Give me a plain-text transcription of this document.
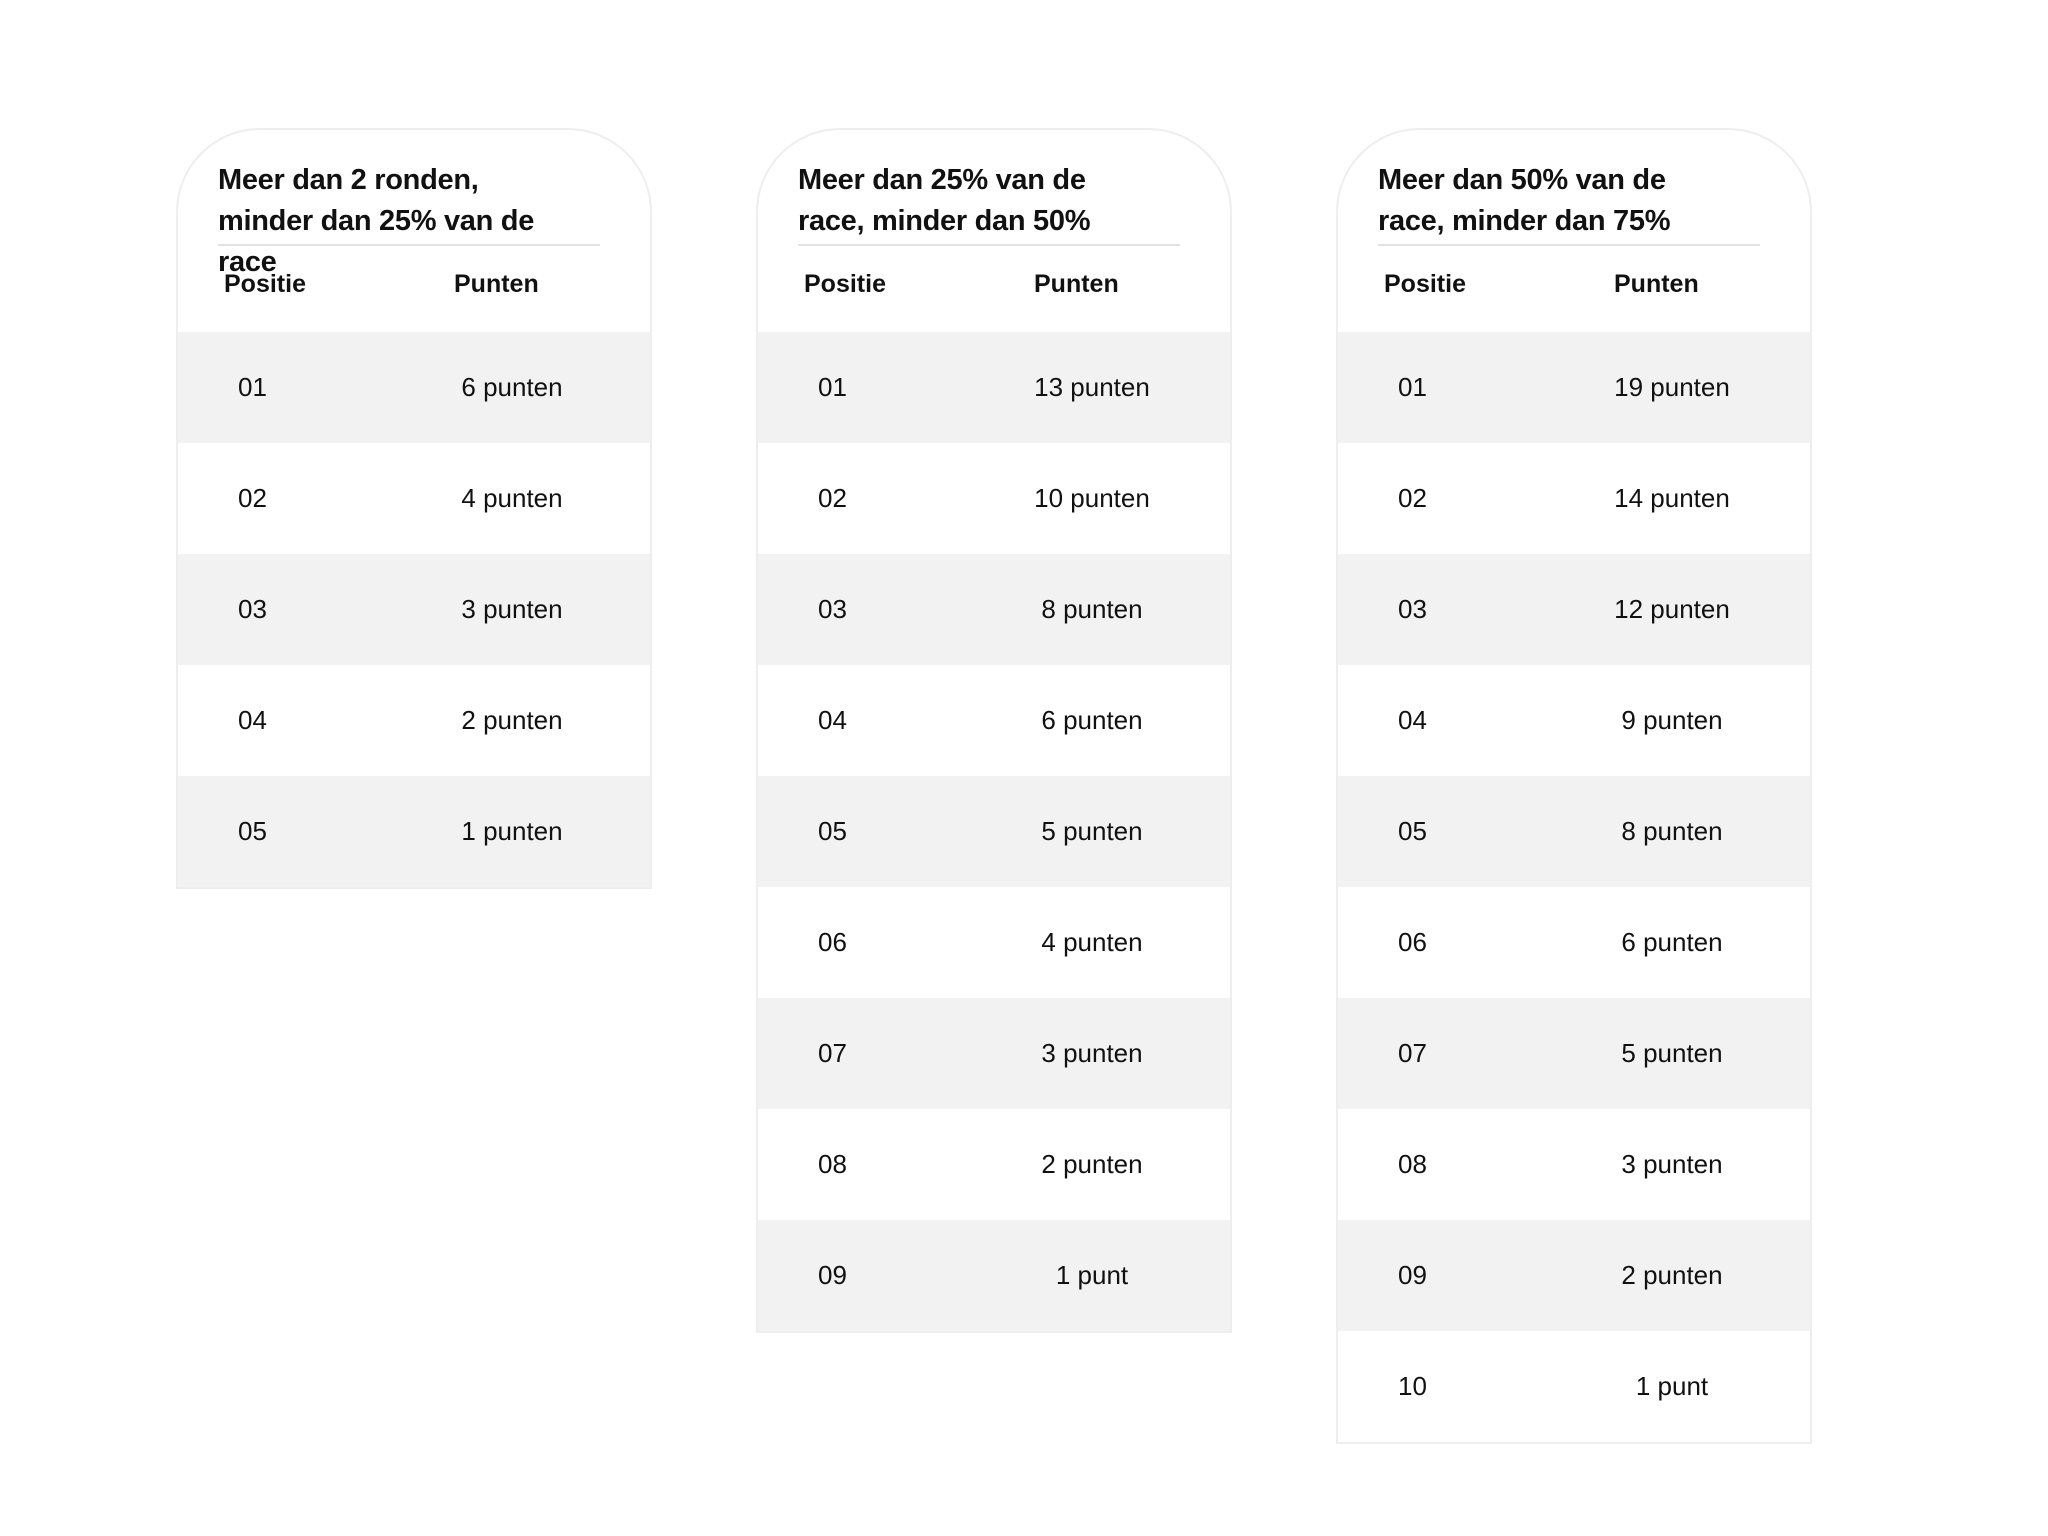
Meer dan 2 ronden, minder dan 25% van de race
Positie	Punten
01	6 punten
02	4 punten
03	3 punten
04	2 punten
05	1 punten
Meer dan 25% van de race, minder dan 50%
Positie	Punten
01	13 punten
02	10 punten
03	8 punten
04	6 punten
05	5 punten
06	4 punten
07	3 punten
08	2 punten
09	1 punt
Meer dan 50% van de race, minder dan 75%
Positie	Punten
01	19 punten
02	14 punten
03	12 punten
04	9 punten
05	8 punten
06	6 punten
07	5 punten
08	3 punten
09	2 punten
10	1 punt
